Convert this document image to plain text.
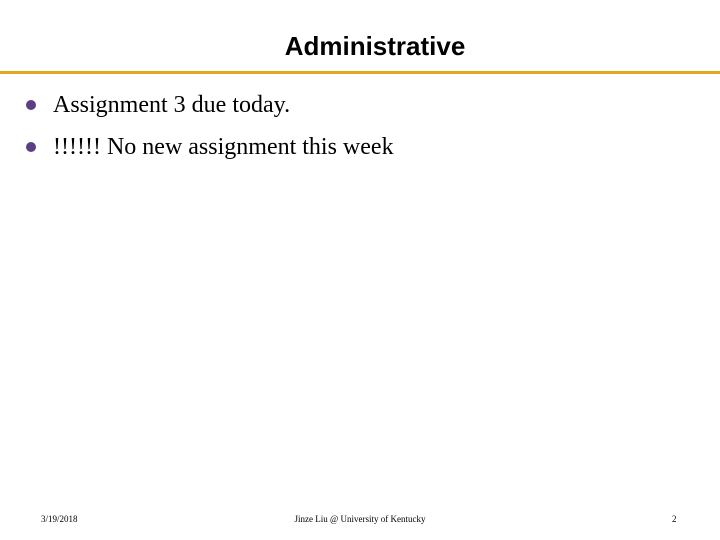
Administrative
Assignment 3 due today.
!!!!!! No new assignment this week
3/19/2018	Jinze Liu @ University of Kentucky	2
